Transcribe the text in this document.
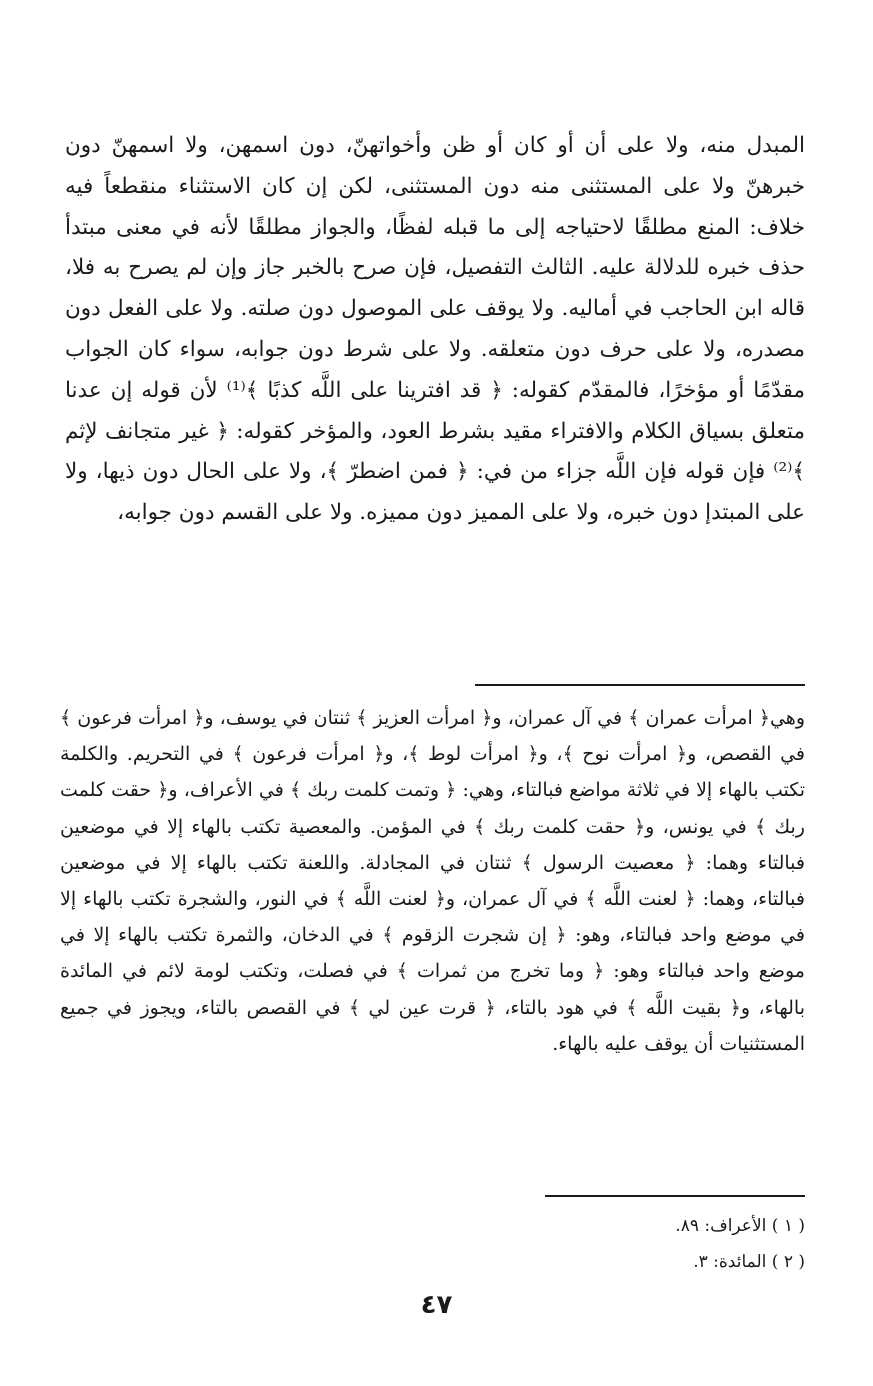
المبدل منه، ولا على أن أو كان أو ظن وأخواتهنّ، دون اسمهن، ولا اسمهنّ دون خبرهنّ ولا على المستثنى منه دون المستثنى، لكن إن كان الاستثناء منقطعاً فيه خلاف: المنع مطلقًا لاحتياجه إلى ما قبله لفظًا، والجواز مطلقًا لأنه في معنى مبتدأ حذف خبره للدلالة عليه. الثالث التفصيل، فإن صرح بالخبر جاز وإن لم يصرح به فلا، قاله ابن الحاجب في أماليه. ولا يوقف على الموصول دون صلته. ولا على الفعل دون مصدره، ولا على حرف دون متعلقه. ولا على شرط دون جوابه، سواء كان الجواب مقدّمًا أو مؤخرًا، فالمقدّم كقوله: ﴿ قد افترينا على اللَّه كذبًا ﴾⁽¹⁾ لأن قوله إن عدنا متعلق بسياق الكلام والافتراء مقيد بشرط العود، والمؤخر كقوله: ﴿ غير متجانف لإثم ﴾⁽²⁾ فإن قوله فإن اللَّه جزاء من في: ﴿ فمن اضطرّ ﴾، ولا على الحال دون ذيها، ولا على المبتدإ دون خبره، ولا على المميز دون مميزه. ولا على القسم دون جوابه،

وهي﴿ امرأت عمران ﴾ في آل عمران، و﴿ امرأت العزيز ﴾ ثنتان في يوسف، و﴿ امرأت فرعون ﴾ في القصص، و﴿ امرأت نوح ﴾، و﴿ امرأت لوط ﴾، و﴿ امرأت فرعون ﴾ في التحريم. والكلمة تكتب بالهاء إلا في ثلاثة مواضع فبالتاء، وهي: ﴿ وتمت كلمت ربك ﴾ في الأعراف، و﴿ حقت كلمت ربك ﴾ في يونس، و﴿ حقت كلمت ربك ﴾ في المؤمن. والمعصية تكتب بالهاء إلا في موضعين فبالتاء وهما: ﴿ معصيت الرسول ﴾ ثنتان في المجادلة. واللعنة تكتب بالهاء إلا في موضعين فبالتاء، وهما: ﴿ لعنت اللَّه ﴾ في آل عمران، و﴿ لعنت اللَّه ﴾ في النور، والشجرة تكتب بالهاء إلا في موضع واحد فبالتاء، وهو: ﴿ إن شجرت الزقوم ﴾ في الدخان، والثمرة تكتب بالهاء إلا في موضع واحد فبالتاء وهو: ﴿ وما تخرج من ثمرات ﴾ في فصلت، وتكتب لومة لائم في المائدة بالهاء، و﴿ بقيت اللَّه ﴾ في هود بالتاء، ﴿ قرت عين لي ﴾ في القصص بالتاء، ويجوز في جميع المستثنيات أن يوقف عليه بالهاء.

( ١ ) الأعراف: ٨٩.
( ٢ ) المائدة: ٣.
٤٧
